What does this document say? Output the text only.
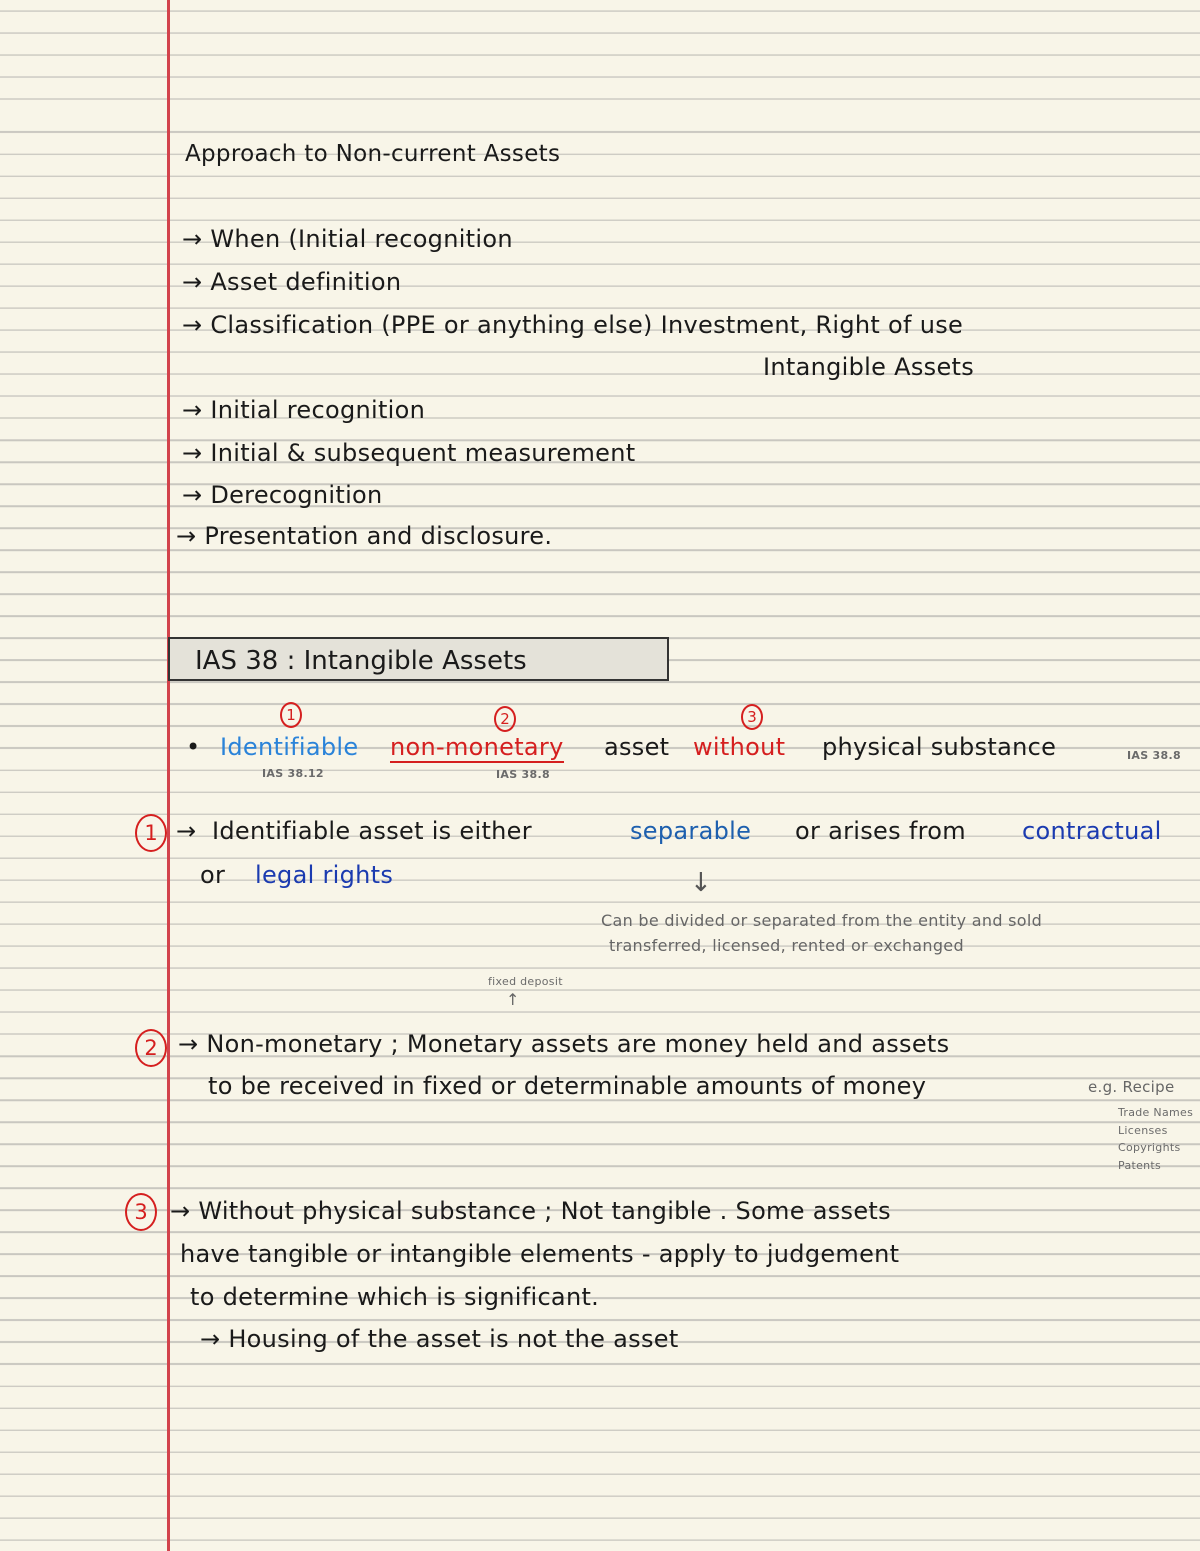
Approach to Non-current Assets
→ When (Initial recognition
→ Asset definition
→ Classification (PPE or anything else) Investment, Right of use
Intangible Assets
→ Initial recognition
→ Initial & subsequent measurement
→ Derecognition
→ Presentation and disclosure.
IAS 38 : Intangible Assets
1	2	3
• Identifiable non-monetary asset without physical substance	IAS 38.8
IAS 38.12	IAS 38.8
1 → Identifiable asset is either	separable or arises from contractual
or legal rights	↓
Can be divided or separated from the entity and sold
transferred, licensed, rented or exchanged
fixed deposit
↑
2 → Non-monetary ; Monetary assets are money held and assets
to be received in fixed or determinable amounts of money	e.g. Recipe
Trade Names
Licenses
Copyrights
Patents
3 → Without physical substance ; Not tangible . Some assets
have tangible or intangible elements - apply to judgement
to determine which is significant.
→ Housing of the asset is not the asset
